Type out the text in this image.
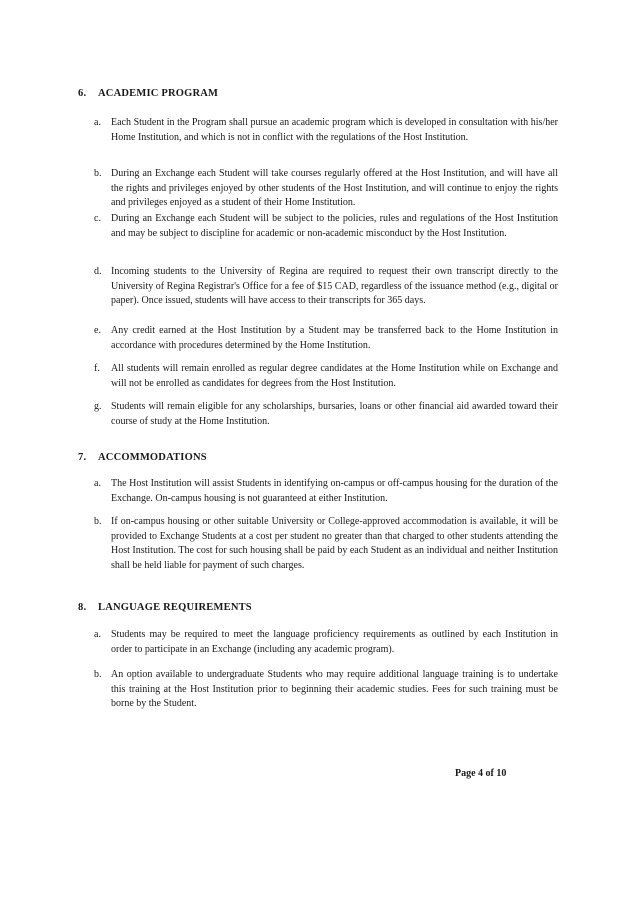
6. ACADEMIC PROGRAM
a.	Each Student in the Program shall pursue an academic program which is developed in consultation with his/her Home Institution, and which is not in conflict with the regulations of the Host Institution.
b. During an Exchange each Student will take courses regularly offered at the Host Institution, and will have all the rights and privileges enjoyed by other students of the Host Institution, and will continue to enjoy the rights and privileges enjoyed as a student of their Home Institution.
c.	During an Exchange each Student will be subject to the policies, rules and regulations of the Host Institution and may be subject to discipline for academic or non-academic misconduct by the Host Institution.
d. Incoming students to the University of Regina are required to request their own transcript directly to the University of Regina Registrar's Office for a fee of $15 CAD, regardless of the issuance method (e.g., digital or paper). Once issued, students will have access to their transcripts for 365 days.
e.	Any credit earned at the Host Institution by a Student may be transferred back to the Home Institution in accordance with procedures determined by the Home Institution.
f.	All students will remain enrolled as regular degree candidates at the Home Institution while on Exchange and will not be enrolled as candidates for degrees from the Host Institution.
g. Students will remain eligible for any scholarships, bursaries, loans or other financial aid awarded toward their course of study at the Home Institution.
7. ACCOMMODATIONS
a.	The Host Institution will assist Students in identifying on-campus or off-campus housing for the duration of the Exchange. On-campus housing is not guaranteed at either Institution.
b. If on-campus housing or other suitable University or College-approved accommodation is available, it will be provided to Exchange Students at a cost per student no greater than that charged to other students attending the Host Institution. The cost for such housing shall be paid by each Student as an individual and neither Institution shall be held liable for payment of such charges.
8. LANGUAGE REQUIREMENTS
a.	Students may be required to meet the language proficiency requirements as outlined by each Institution in order to participate in an Exchange (including any academic program).
b. An option available to undergraduate Students who may require additional language training is to undertake this training at the Host Institution prior to beginning their academic studies. Fees for such training must be borne by the Student.
Page 4 of 10
